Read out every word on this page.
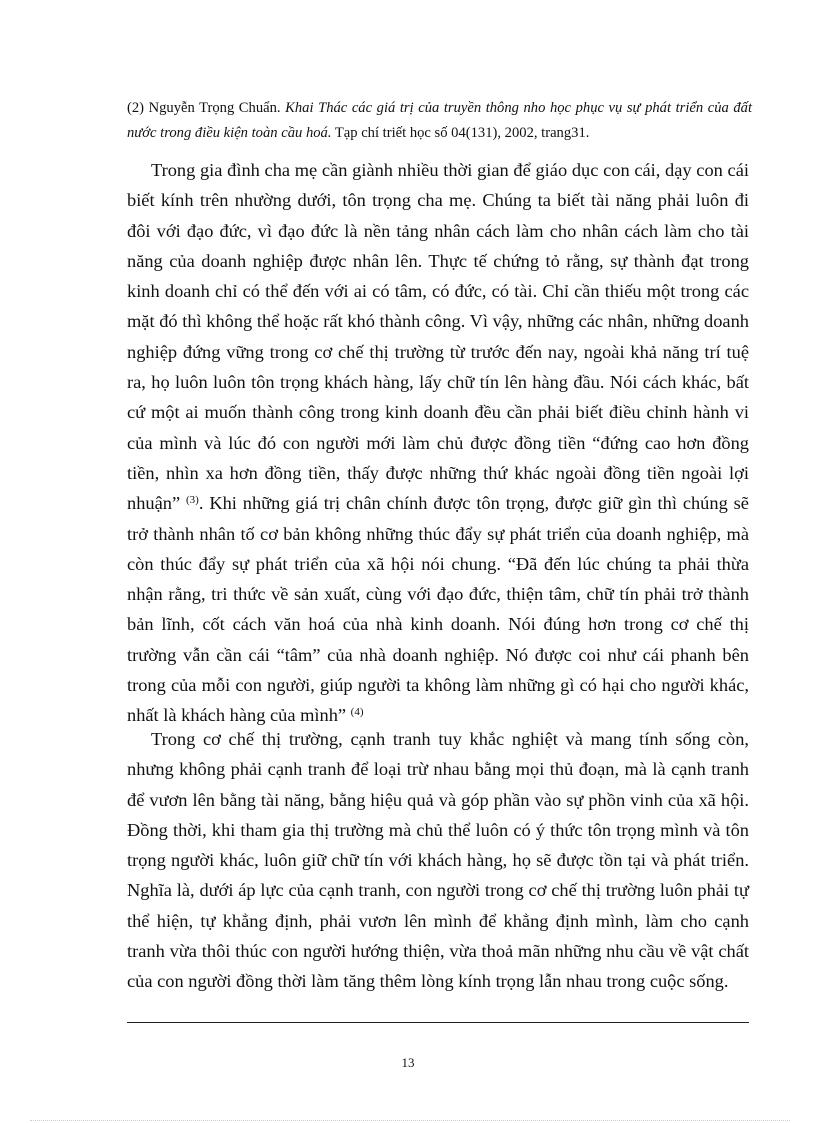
(2) Nguyễn Trọng Chuẩn. Khai Thác các giá trị của truyền thông nho học phục vụ sự phát triển của đất nước trong điều kiện toàn cầu hoá. Tạp chí triết học số 04(131), 2002, trang31.

Trong gia đình cha mẹ cần giành nhiều thời gian để giáo dục con cái, dạy con cái biết kính trên nhường dưới, tôn trọng cha mẹ. Chúng ta biết tài năng phải luôn đi đôi với đạo đức, vì đạo đức là nền tảng nhân cách làm cho nhân cách làm cho tài năng của doanh nghiệp được nhân lên. Thực tế chứng tỏ rằng, sự thành đạt trong kinh doanh chỉ có thể đến với ai có tâm, có đức, có tài. Chỉ cần thiếu một trong các mặt đó thì không thể hoặc rất khó thành công. Vì vậy, những các nhân, những doanh nghiệp đứng vững trong cơ chế thị trường từ trước đến nay, ngoài khả năng trí tuệ ra, họ luôn luôn tôn trọng khách hàng, lấy chữ tín lên hàng đầu. Nói cách khác, bất cứ một ai muốn thành công trong kinh doanh đều cần phải biết điều chỉnh hành vi của mình và lúc đó con người mới làm chủ được đồng tiền “đứng cao hơn đồng tiền, nhìn xa hơn đồng tiền, thấy được những thứ khác ngoài đồng tiền ngoài lợi nhuận” $^{(3)}$. Khi những giá trị chân chính được tôn trọng, được giữ gìn thì chúng sẽ trở thành nhân tố cơ bản không những thúc đẩy sự phát triển của doanh nghiệp, mà còn thúc đẩy sự phát triển của xã hội nói chung. “Đã đến lúc chúng ta phải thừa nhận rằng, tri thức về sản xuất, cùng với đạo đức, thiện tâm, chữ tín phải trở thành bản lĩnh, cốt cách văn hoá của nhà kinh doanh. Nói đúng hơn trong cơ chế thị trường vẫn cần cái “tâm” của nhà doanh nghiệp. Nó được coi như cái phanh bên trong của mỗi con người, giúp người ta không làm những gì có hại cho người khác, nhất là khách hàng của mình” $^{(4)}$

Trong cơ chế thị trường, cạnh tranh tuy khắc nghiệt và mang tính sống còn, nhưng không phải cạnh tranh để loại trừ nhau bằng mọi thủ đoạn, mà là cạnh tranh để vươn lên bằng tài năng, bằng hiệu quả và góp phần vào sự phồn vinh của xã hội. Đồng thời, khi tham gia thị trường mà chủ thể luôn có ý thức tôn trọng mình và tôn trọng người khác, luôn giữ chữ tín với khách hàng, họ sẽ được tồn tại và phát triển. Nghĩa là, dưới áp lực của cạnh tranh, con người trong cơ chế thị trường luôn phải tự thể hiện, tự khẳng định, phải vươn lên mình để khẳng định mình, làm cho cạnh tranh vừa thôi thúc con người hướng thiện, vừa thoả mãn những nhu cầu về vật chất của con người đồng thời làm tăng thêm lòng kính trọng lẫn nhau trong cuộc sống.

13
